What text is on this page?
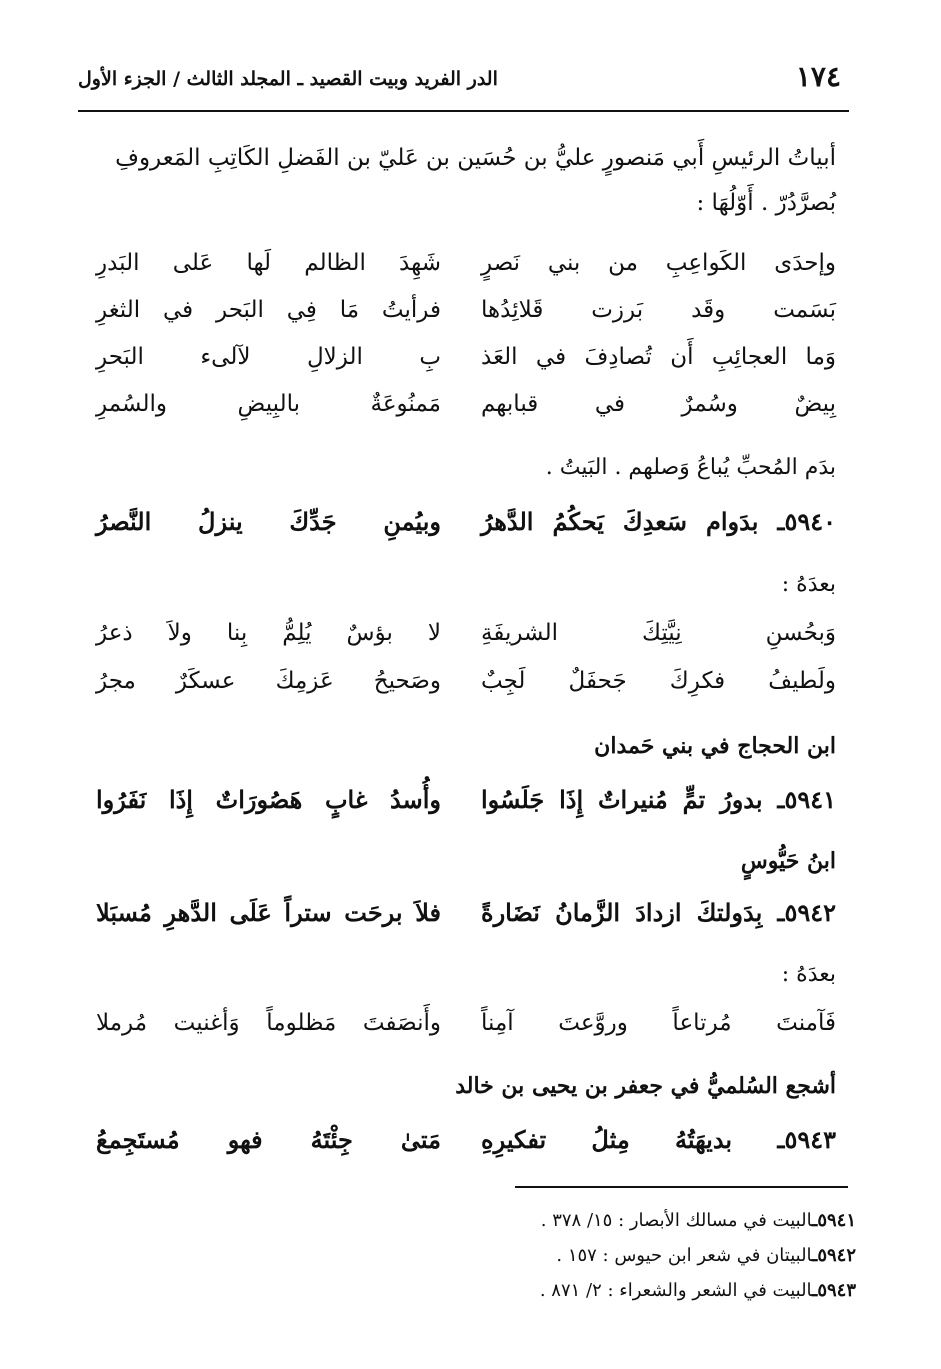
١٧٤
الدر الفريد وبيت القصيد ـ المجلد الثالث / الجزء الأول
أبياتُ الرئيسِ أَبي مَنصورٍ عليُّ بن حُسَين بن عَليّ بن الفَضلِ الكَاتِبِ المَعروفِ
بُصرَّدُرّ . أَوّلُهَا :
وإحدَى الكَواعِبِ من بني نَصرٍ
شَهِدَ الظالم لَها عَلى البَدرِ
بَسَمت وقَد بَرزت قَلائِدُها
فرأيتُ مَا فِي البَحر في الثغرِ
وَما العجائِبِ أَن تُصادِفَ في العَذ
بِ الزلالِ لآلىء البَحرِ
بِيضٌ وسُمرٌ في قبابهم
مَمنُوعَةٌ بالبِيضِ والسُمرِ
بدَم المُحبِّ يُباعُ وَصلهم . البَيتُ .
٥٩٤٠ـ بدَوام سَعدِكَ يَحكُمُ الدَّهرُ
وبيُمنِ جَدِّكَ ينزلُ النَّصرُ
بعدَهُ :
وَبحُسنِ نِيَّتِكَ الشريفَةِ
لا بؤسٌ يُلِمُّ بِنا ولاَ ذعرُ
ولَطيفُ فكرِكَ جَحفَلٌ لَجِبٌ
وصَحيحُ عَزمِكَ عسكَرٌ مجرُ
ابن الحجاج في بني حَمدان
٥٩٤١ـ بدورُ تمٍّ مُنيراتٌ إِذَا جَلَسُوا
وأُسدُ غابٍ هَصُورَاتٌ إِذَا نَفَرُوا
ابنُ حَيُّوسٍ
٥٩٤٢ـ بِدَولتكَ ازدادَ الزَّمانُ نَضَارةً
فلاَ برحَت ستراً عَلَى الدَّهرِ مُسبَلا
بعدَهُ :
فَآمنتَ مُرتاعاً وروَّعتَ آمِناً
وأَنصَفتَ مَظلوماً وَأغنيت مُرملا
أشجع السُلميُّ في جعفر بن يحيى بن خالد
٥٩٤٣ـ بديهَتُهُ مِثلُ تفكيرِهِ
مَتىٰ جِئْتَهُ فهو مُستَجِمعُ
٥٩٤١ـالبيت في مسالك الأبصار : ١٥/ ٣٧٨ .
٥٩٤٢ـالبيتان في شعر ابن حيوس : ١٥٧ .
٥٩٤٣ـالبيت في الشعر والشعراء : ٢/ ٨٧١ .
